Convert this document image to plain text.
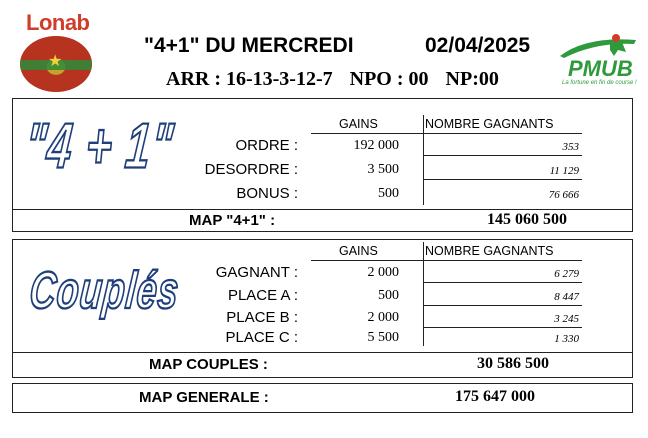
Lonab
★
"4+1" DU MERCREDI	02/04/2025
ARR : 16-13-3-12-7 NPO : 00 NP:00	PMUB
La fortune en fin de course !
"4 + 1"	GAINS	NOMBRE GAGNANTS
ORDRE :	192 000	353
DESORDRE :	3 500	11 129
BONUS :	500	76 666
MAP "4+1" :	145 060 500
Couplés
GAINS	NOMBRE GAGNANTS
GAGNANT :	2 000	6 279
PLACE A :	500	8 447
PLACE B :	2 000	3 245
PLACE C :	5 500	1 330
MAP COUPLES :	30 586 500
MAP GENERALE :	175 647 000
